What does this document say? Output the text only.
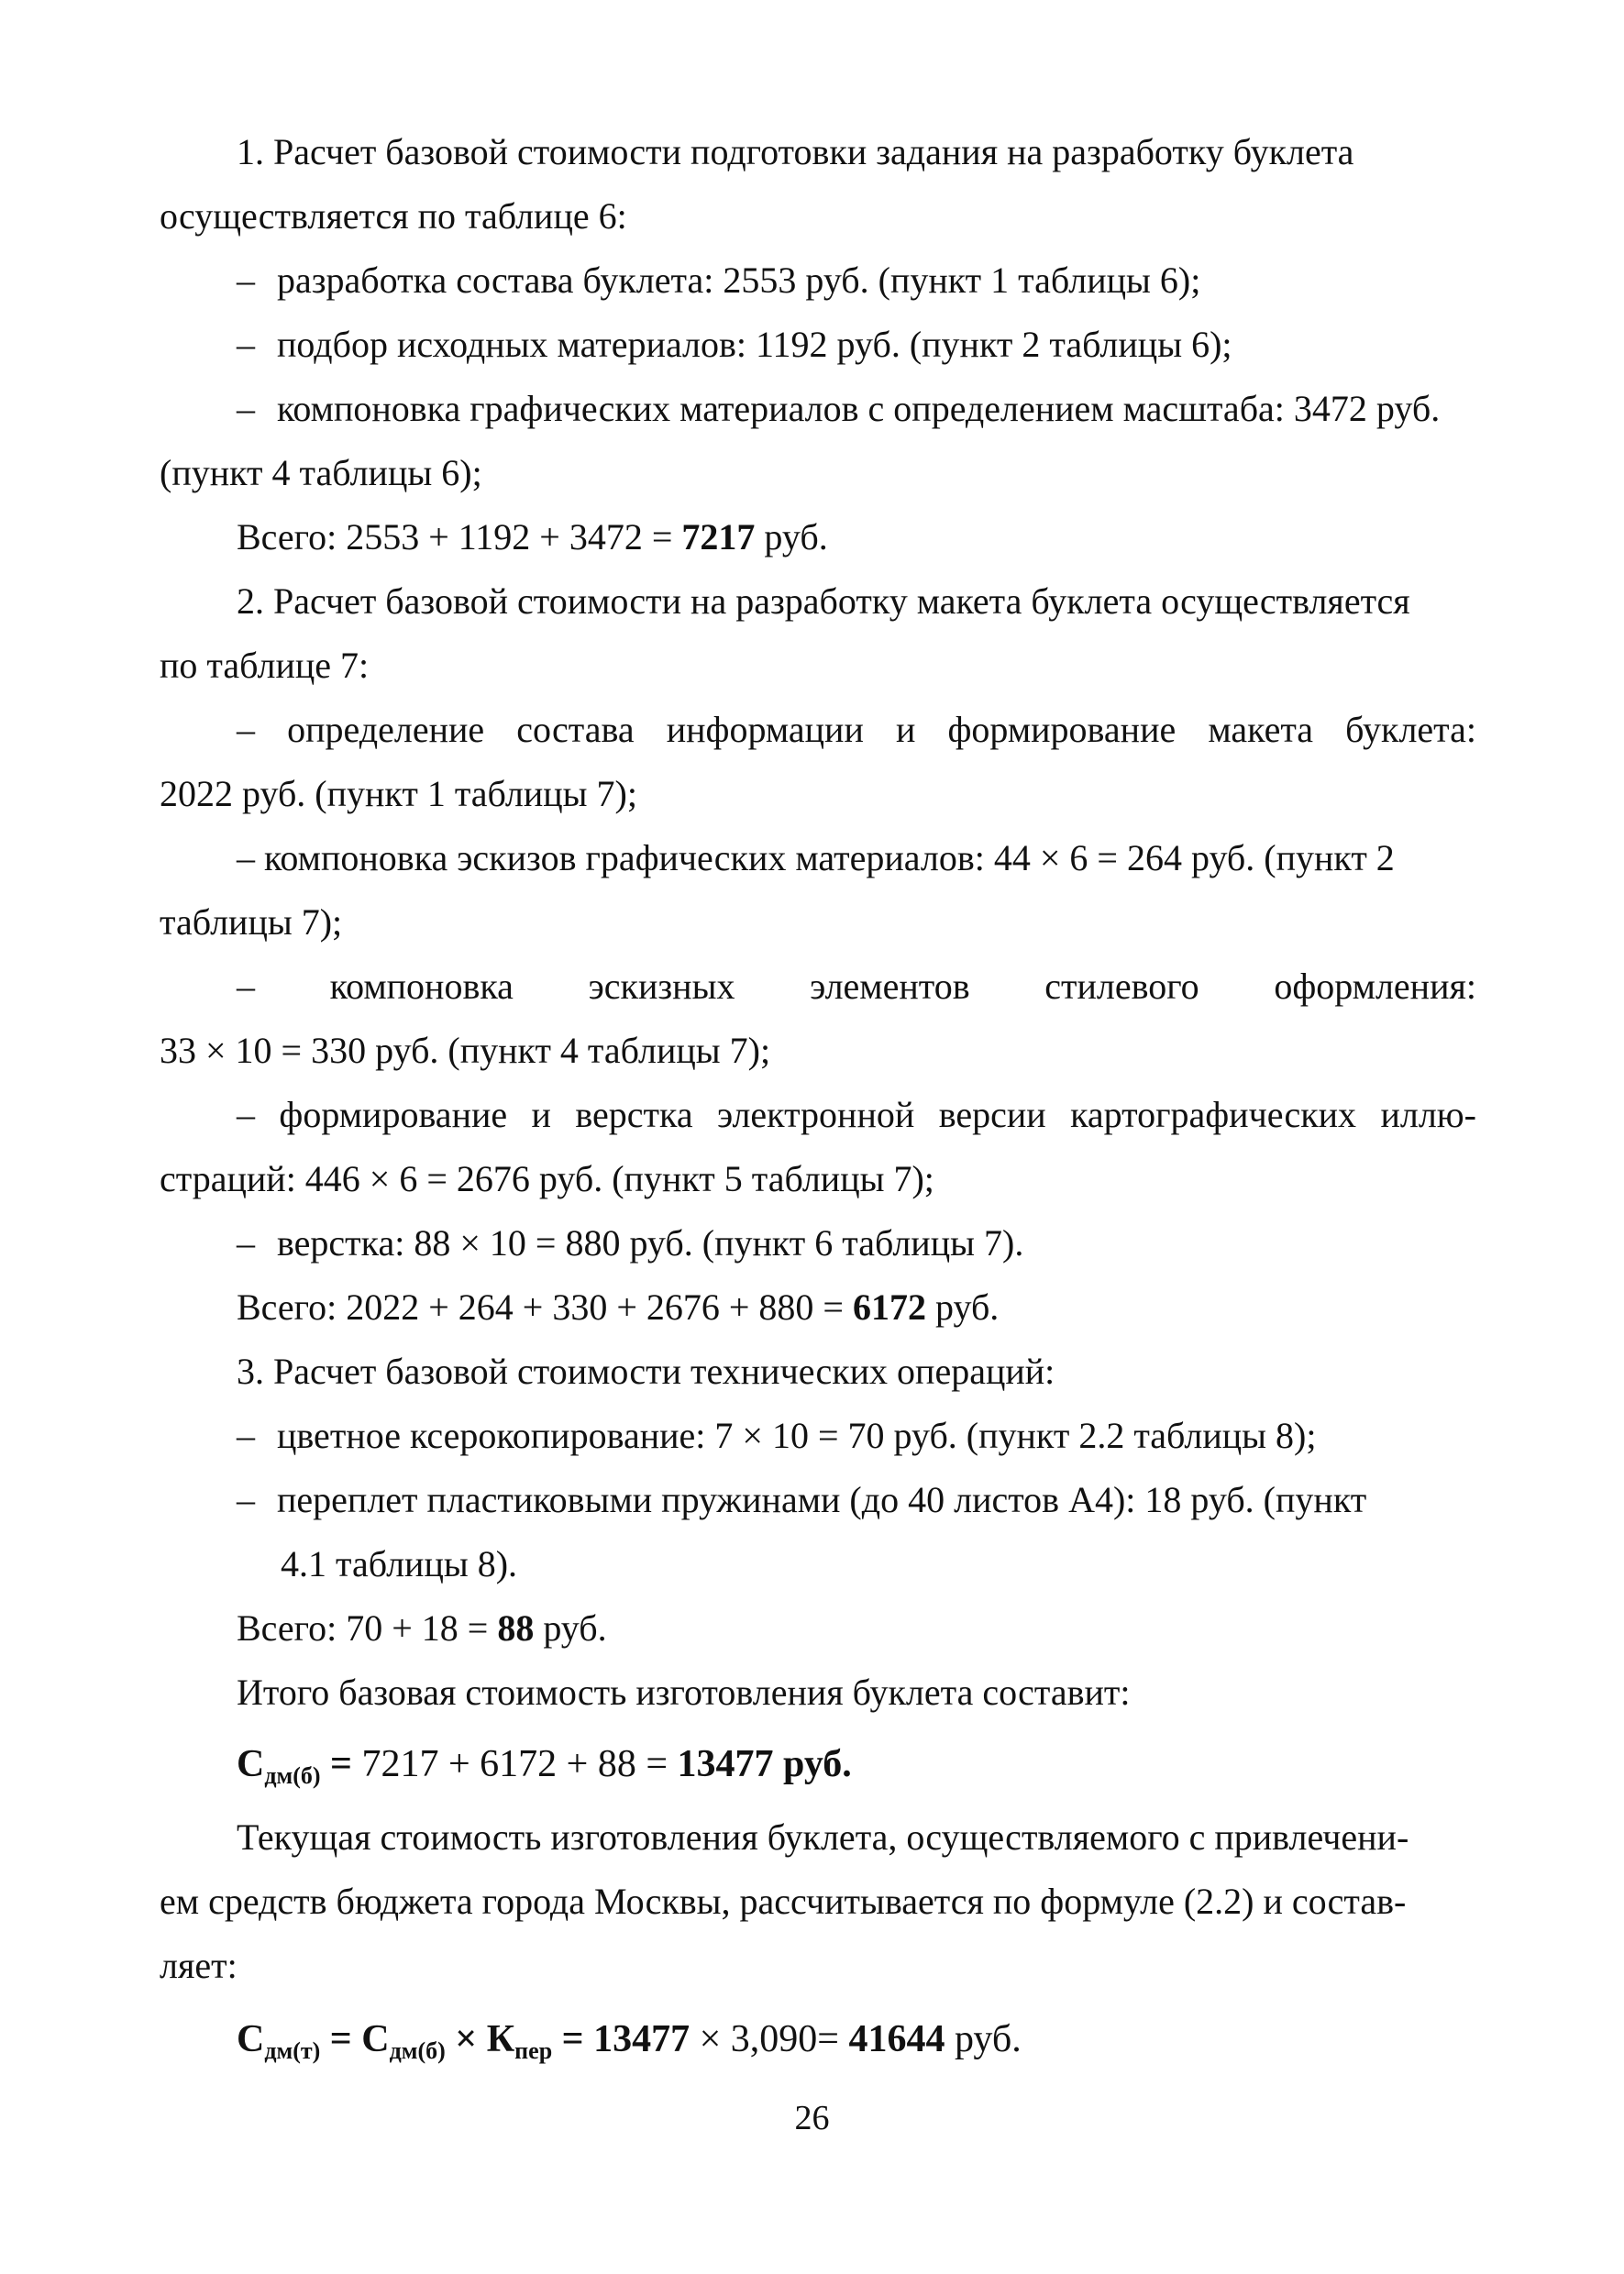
1. Расчет базовой стоимости подготовки задания на разработку буклета
осуществляется по таблице 6:
– разработка состава буклета: 2553 руб. (пункт 1 таблицы 6);
– подбор исходных материалов: 1192 руб. (пункт 2 таблицы 6);
– компоновка графических материалов с определением масштаба: 3472 руб.
(пункт 4 таблицы 6);
Всего: 2553 + 1192 + 3472 = 7217 руб.
2. Расчет базовой стоимости на разработку макета буклета осуществляется
по таблице 7:
– определение состава информации и формирование макета буклета:
2022 руб. (пункт 1 таблицы 7);
– компоновка эскизов графических материалов: 44 × 6 = 264 руб. (пункт 2
таблицы 7);
– компоновка эскизных элементов стилевого оформления:
33 × 10 = 330 руб. (пункт 4 таблицы 7);
– формирование и верстка электронной версии картографических иллю-
страций: 446 × 6 = 2676 руб. (пункт 5 таблицы 7);
– верстка: 88 × 10 = 880 руб. (пункт 6 таблицы 7).
Всего: 2022 + 264 + 330 + 2676 + 880 = 6172 руб.
3. Расчет базовой стоимости технических операций:
– цветное ксерокопирование: 7 × 10 = 70 руб. (пункт 2.2 таблицы 8);
– переплет пластиковыми пружинами (до 40 листов А4): 18 руб. (пункт
4.1 таблицы 8).
Всего: 70 + 18 = 88 руб.
Итого базовая стоимость изготовления буклета составит:
Сдм(б) = 7217 + 6172 + 88 = 13477 руб.
Текущая стоимость изготовления буклета, осуществляемого с привлечени-
ем средств бюджета города Москвы, рассчитывается по формуле (2.2) и состав-
ляет:
Сдм(т) = Сдм(б) × Кпер = 13477 × 3,090= 41644 руб.
26
